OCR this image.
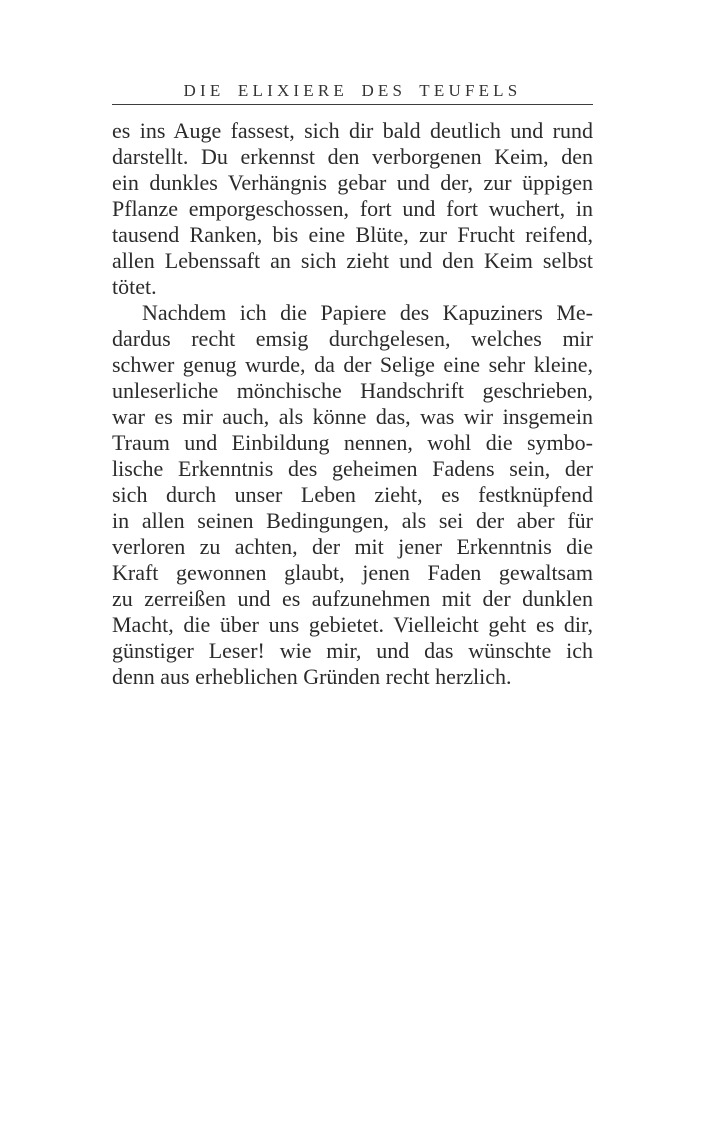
DIE ELIXIERE DES TEUFELS
es ins Auge fassest, sich dir bald deutlich und rund
darstellt. Du erkennst den verborgenen Keim, den
ein dunkles Verhängnis gebar und der, zur üppigen
Pflanze emporgeschossen, fort und fort wuchert, in
tausend Ranken, bis eine Blüte, zur Frucht reifend,
allen Lebenssaft an sich zieht und den Keim selbst
tötet.
Nachdem ich die Papiere des Kapuziners Me-
dardus recht emsig durchgelesen, welches mir
schwer genug wurde, da der Selige eine sehr kleine,
unleserliche mönchische Handschrift geschrieben,
war es mir auch, als könne das, was wir insgemein
Traum und Einbildung nennen, wohl die symbo-
lische Erkenntnis des geheimen Fadens sein, der
sich durch unser Leben zieht, es festknüpfend
in allen seinen Bedingungen, als sei der aber für
verloren zu achten, der mit jener Erkenntnis die
Kraft gewonnen glaubt, jenen Faden gewaltsam
zu zerreißen und es aufzunehmen mit der dunklen
Macht, die über uns gebietet. Vielleicht geht es dir,
günstiger Leser! wie mir, und das wünschte ich
denn aus erheblichen Gründen recht herzlich.
